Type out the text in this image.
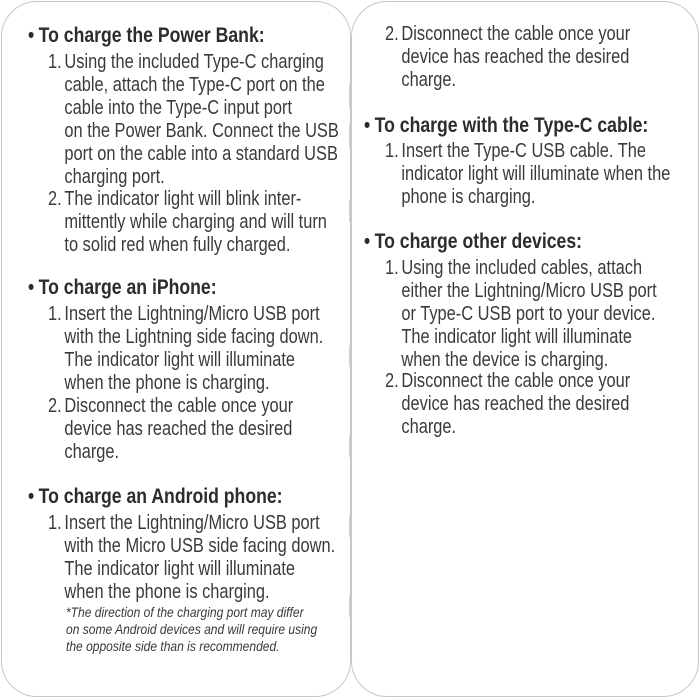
• To charge the Power Bank:
1. Using the included Type-C charging
cable, attach the Type-C port on the
cable into the Type-C input port
on the Power Bank. Connect the USB
port on the cable into a standard USB
charging port.
2. The indicator light will blink inter-
mittently while charging and will turn
to solid red when fully charged.
• To charge an iPhone:
1. Insert the Lightning/Micro USB port
with the Lightning side facing down.
The indicator light will illuminate
when the phone is charging.
2. Disconnect the cable once your
device has reached the desired
charge.
• To charge an Android phone:
1. Insert the Lightning/Micro USB port
with the Micro USB side facing down.
The indicator light will illuminate
when the phone is charging.
*The direction of the charging port may differ
on some Android devices and will require using
the opposite side than is recommended.
2. Disconnect the cable once your
device has reached the desired
charge.
• To charge with the Type-C cable:
1. Insert the Type-C USB cable. The
indicator light will illuminate when the
phone is charging.
• To charge other devices:
1. Using the included cables, attach
either the Lightning/Micro USB port
or Type-C USB port to your device.
The indicator light will illuminate
when the device is charging.
2. Disconnect the cable once your
device has reached the desired
charge.
